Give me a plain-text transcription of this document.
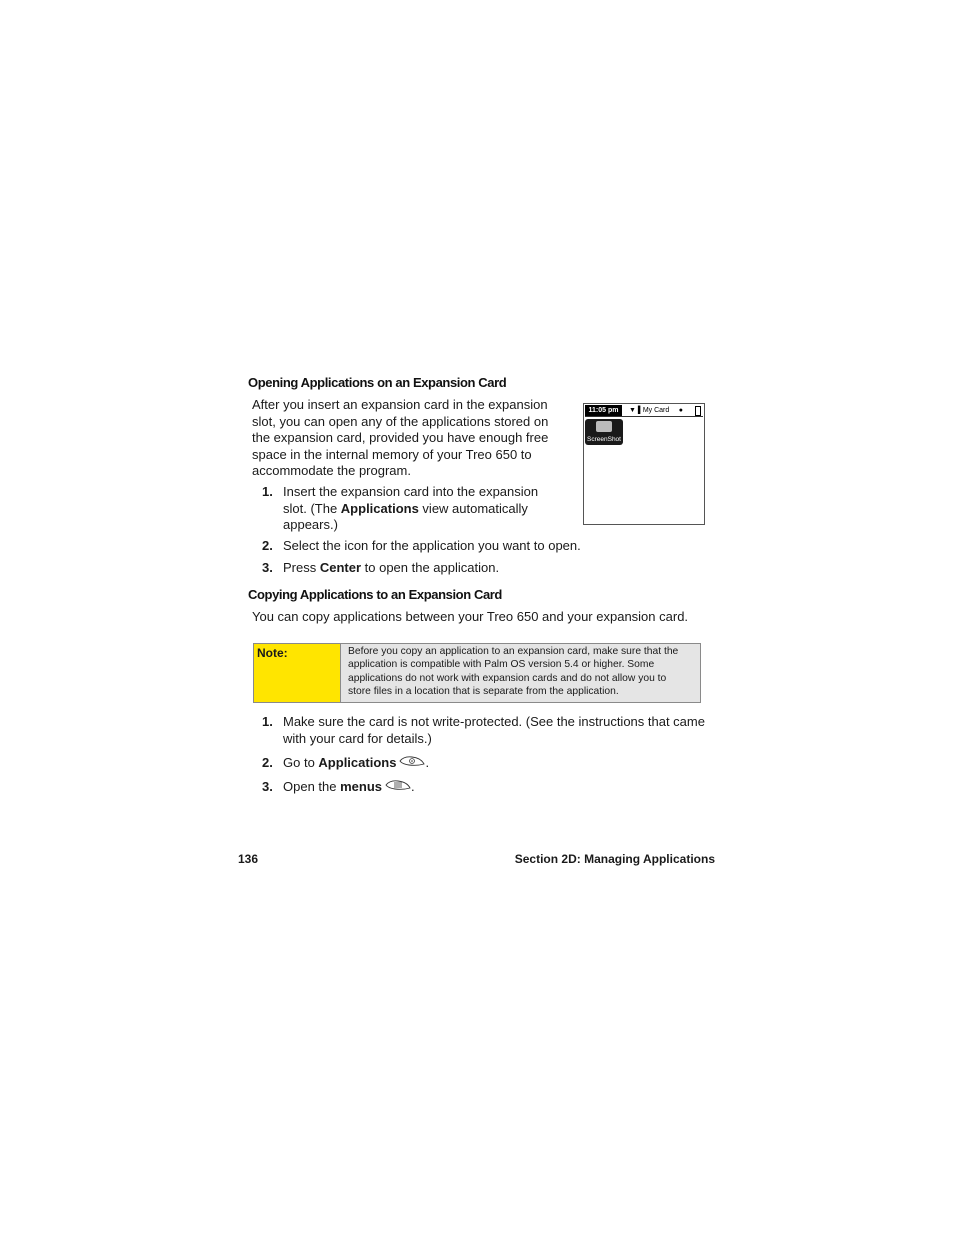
Opening Applications on an Expansion Card
After you insert an expansion card in the expansion
slot, you can open any of the applications stored on
the expansion card, provided you have enough free
space in the internal memory of your Treo 650 to
accommodate the program.
11:05 pm	▼ ▌My Card ●
ScreenShot
1. Insert the expansion card into the expansion
slot. (The Applications view automatically
appears.)
2. Select the icon for the application you want to open.
3. Press Center to open the application.
Copying Applications to an Expansion Card
You can copy applications between your Treo 650 and your expansion card.
Note:	Before you copy an application to an expansion card, make sure that the
application is compatible with Palm OS version 5.4 or higher. Some
applications do not work with expansion cards and do not allow you to
store files in a location that is separate from the application.
1. Make sure the card is not write-protected. (See the instructions that came
with your card for details.)
2. Go to Applications .
3. Open the menus .
136	Section 2D: Managing Applications
